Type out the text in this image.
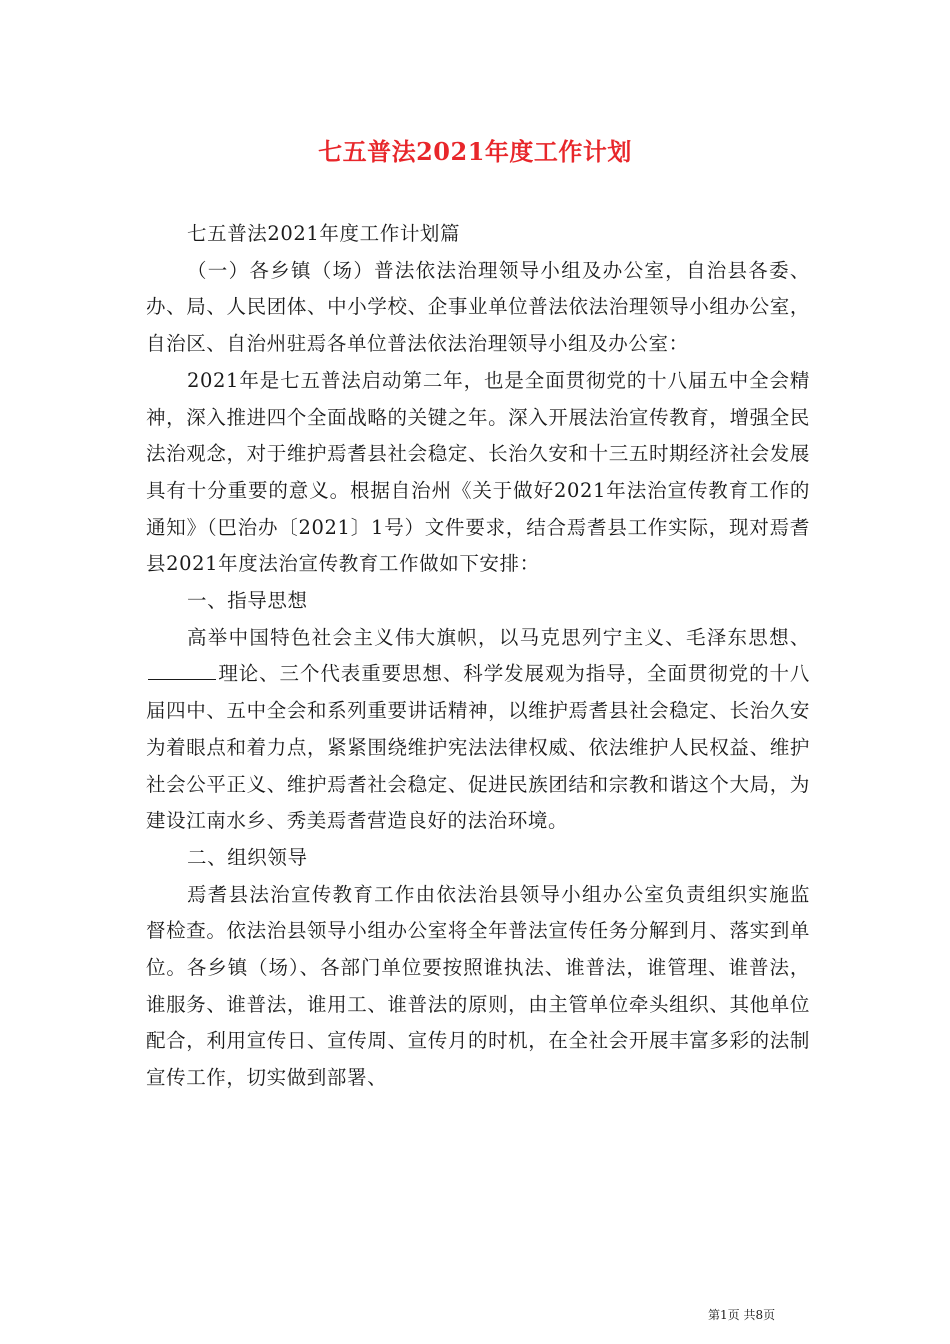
七五普法2021年度工作计划

七五普法2021年度工作计划篇

（一）各乡镇（场）普法依法治理领导小组及办公室，自治县各委、办、局、人民团体、中小学校、企事业单位普法依法治理领导小组办公室，自治区、自治州驻焉各单位普法依法治理领导小组及办公室：

2021年是七五普法启动第二年，也是全面贯彻党的十八届五中全会精神，深入推进四个全面战略的关键之年。深入开展法治宣传教育，增强全民法治观念，对于维护焉耆县社会稳定、长治久安和十三五时期经济社会发展具有十分重要的意义。根据自治州《关于做好2021年法治宣传教育工作的通知》（巴治办〔2021〕1号）文件要求，结合焉耆县工作实际，现对焉耆县2021年度法治宣传教育工作做如下安排：

一、指导思想

高举中国特色社会主义伟大旗帜，以马克思列宁主义、毛泽东思想、理论、三个代表重要思想、科学发展观为指导，全面贯彻党的十八届四中、五中全会和系列重要讲话精神，以维护焉耆县社会稳定、长治久安为着眼点和着力点，紧紧围绕维护宪法法律权威、依法维护人民权益、维护社会公平正义、维护焉耆社会稳定、促进民族团结和宗教和谐这个大局，为建设江南水乡、秀美焉耆营造良好的法治环境。

二、组织领导

焉耆县法治宣传教育工作由依法治县领导小组办公室负责组织实施监督检查。依法治县领导小组办公室将全年普法宣传任务分解到月、落实到单位。各乡镇（场）、各部门单位要按照谁执法、谁普法，谁管理、谁普法，谁服务、谁普法，谁用工、谁普法的原则，由主管单位牵头组织、其他单位配合，利用宣传日、宣传周、宣传月的时机，在全社会开展丰富多彩的法制宣传工作，切实做到部署、

第1页 共8页
